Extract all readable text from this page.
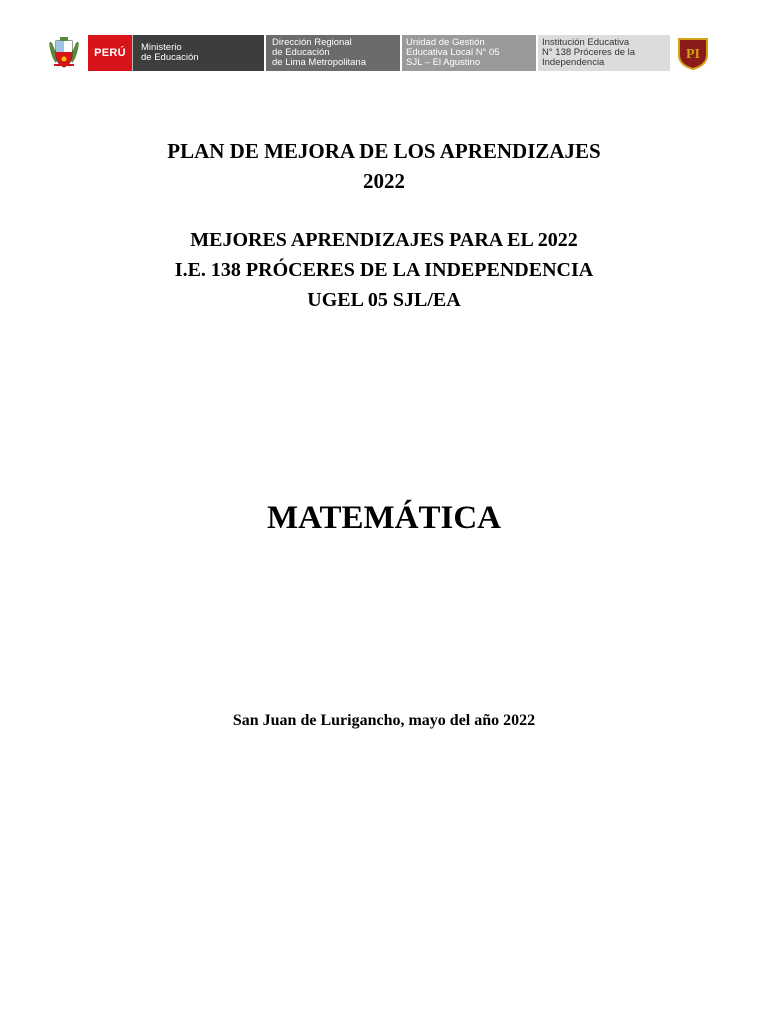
PERÚ	Ministerio
de Educación
Dirección Regional
de Educación
de Lima Metropolitana
Unidad de Gestión
Educativa Local N° 05
SJL – El Agustino
Institución Educativa
N° 138 Próceres de la
Independencia
PI
PLAN DE MEJORA DE LOS APRENDIZAJES
2022
MEJORES APRENDIZAJES PARA EL 2022
I.E. 138 PRÓCERES DE LA INDEPENDENCIA
UGEL 05 SJL/EA
MATEMÁTICA
San Juan de Lurigancho, mayo del año 2022
